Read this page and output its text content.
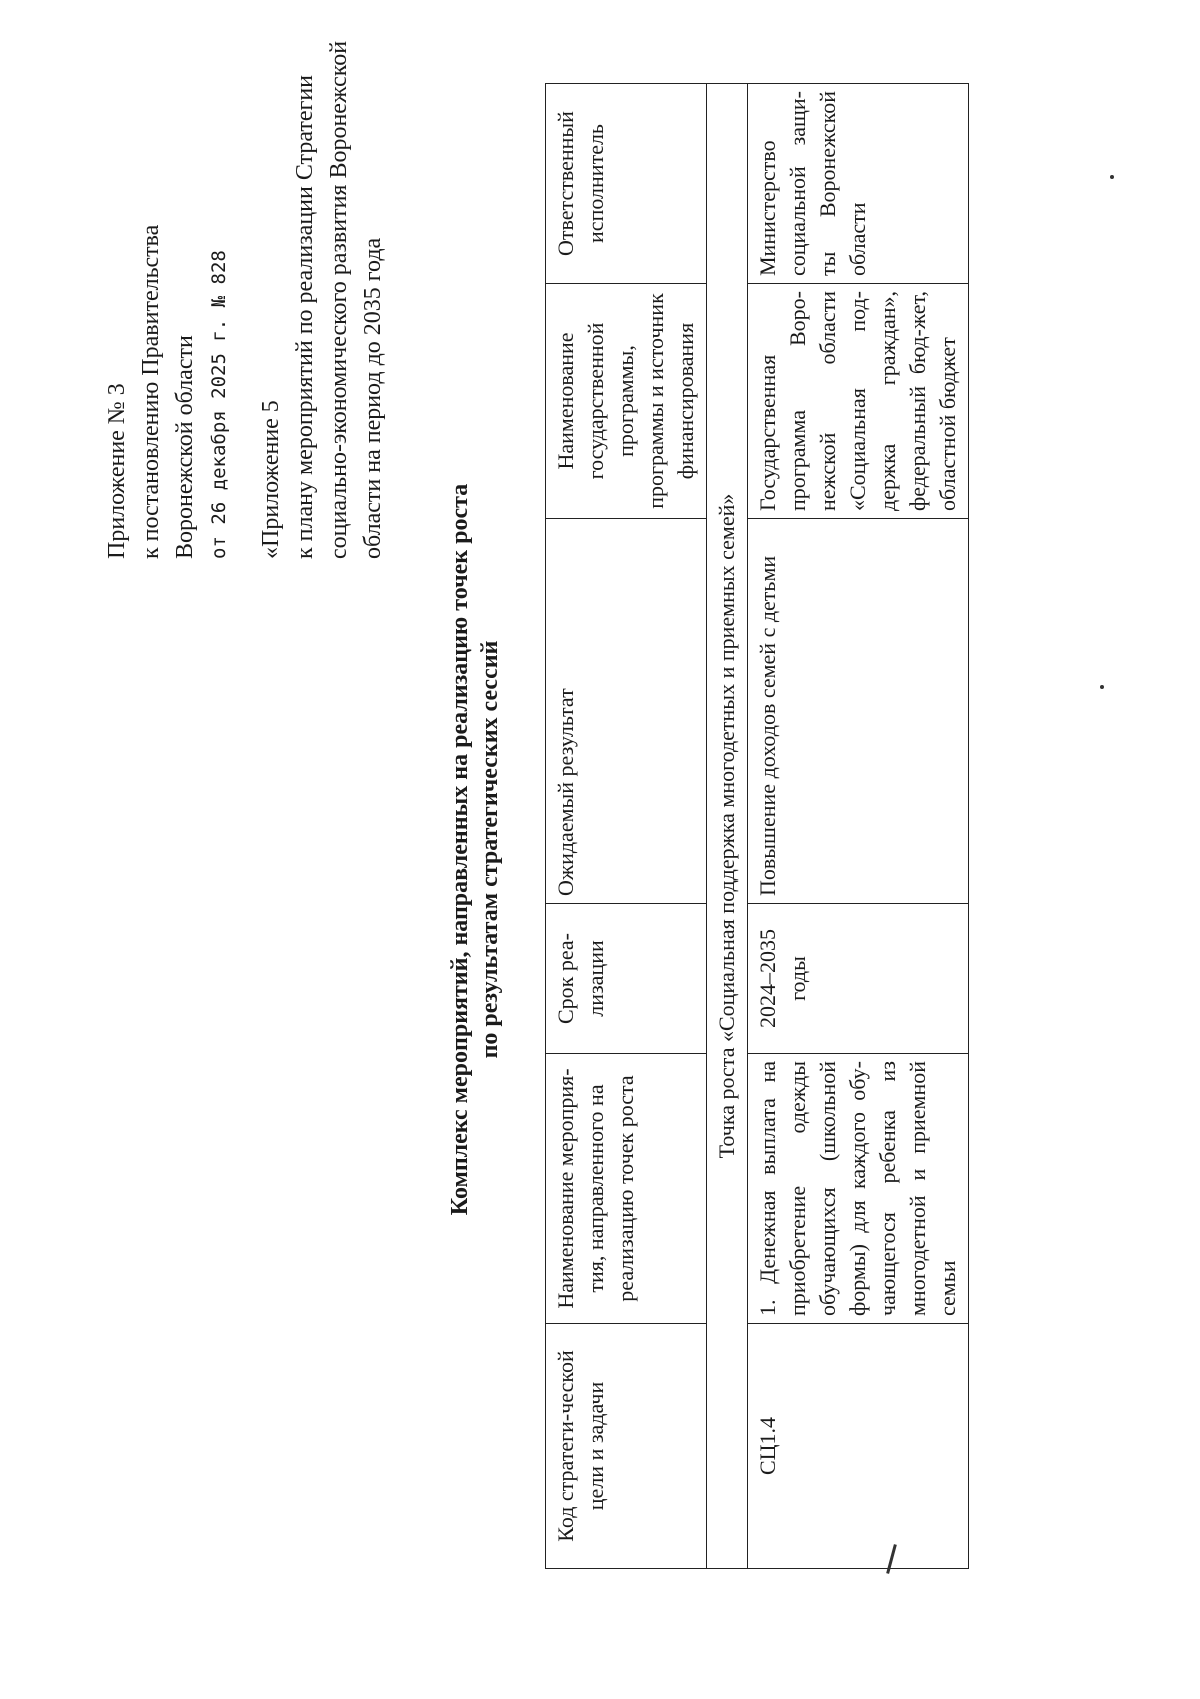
Приложение № 3 к постановлению Правительства Воронежской области от 26 декабря 2025 г. № 828 «Приложение 5 к плану мероприятий по реализации Стратегии социально-экономического развития Воронежской области на период до 2035 года
Комплекс мероприятий, направленных на реализацию точек роста по результатам стратегических сессий
Код стратеги-ческой цели и задачи	Наименование мероприя-тия, направленного на реализацию точек роста	Срок реа-лизации	Ожидаемый результат	Наименование государственной программы, программы и источник финансирования	Ответственный исполнитель
Точка роста «Социальная поддержка многодетных и приемных семей»					
СЦ1.4	1. Денежная выплата на приобретение одежды обучающихся (школьной формы) для каждого обу-чающегося ребенка из многодетной и приемной семьи	2024–2035 годы	Повышение доходов семей с детьми	Государственная программа Воро-нежской области «Социальная под-держка граждан», федеральный бюд-жет, областной бюджет	Министерство социальной защи-ты Воронежской области
